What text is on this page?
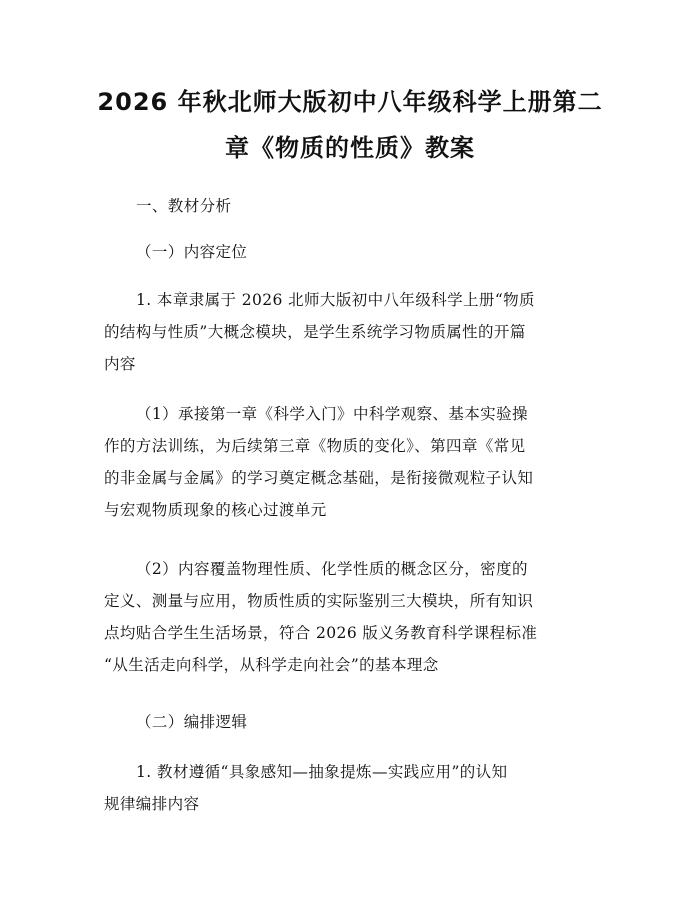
2026 年秋北师大版初中八年级科学上册第二
章《物质的性质》教案

一、教材分析

（一）内容定位

1. 本章隶属于 2026 北师大版初中八年级科学上册“物质
的结构与性质”大概念模块，是学生系统学习物质属性的开篇
内容

（1）承接第一章《科学入门》中科学观察、基本实验操
作的方法训练，为后续第三章《物质的变化》、第四章《常见
的非金属与金属》的学习奠定概念基础，是衔接微观粒子认知
与宏观物质现象的核心过渡单元

（2）内容覆盖物理性质、化学性质的概念区分，密度的
定义、测量与应用，物质性质的实际鉴别三大模块，所有知识
点均贴合学生生活场景，符合 2026 版义务教育科学课程标准
“从生活走向科学，从科学走向社会”的基本理念

（二）编排逻辑

1. 教材遵循“具象感知—抽象提炼—实践应用”的认知
规律编排内容
